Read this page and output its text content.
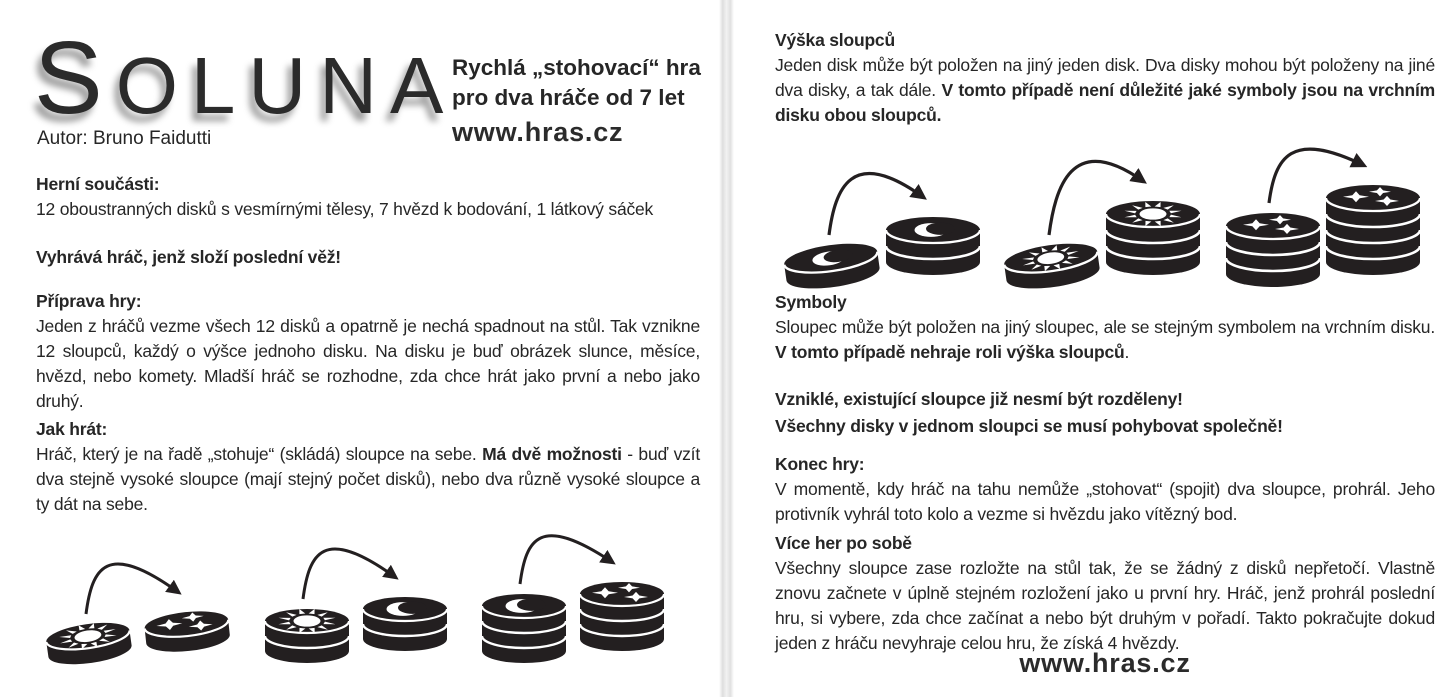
SOLUNA
Autor: Bruno Faidutti
Rychlá „stohovací“ hra
pro dva hráče od 7 let
www.hras.cz

Herní součásti:

12 oboustranných disků s vesmírnými tělesy, 7 hvězd k bodování, 1 látkový sáček

Vyhrává hráč, jenž složí poslední věž!

Příprava hry:

Jeden z hráčů vezme všech 12 disků a opatrně je nechá spadnout na stůl. Tak vznikne 12 sloupců, každý o výšce jednoho disku. Na disku je buď obrázek slunce, měsíce, hvězd, nebo komety. Mladší hráč se rozhodne, zda chce hrát jako první a nebo jako druhý.

Jak hrát:

Hráč, který je na řadě „stohuje“ (skládá) sloupce na sebe. Má dvě možnosti - buď vzít dva stejně vysoké sloupce (mají stejný počet disků), nebo dva různě vysoké sloupce a ty dát na sebe.

Výška sloupců

Jeden disk může být položen na jiný jeden disk. Dva disky mohou být položeny na jiné dva disky, a tak dále. V tomto případě není důležité jaké symboly jsou na vrchním disku obou sloupců.

Symboly

Sloupec může být položen na jiný sloupec, ale se stejným symbolem na vrchním disku. V tomto případě nehraje roli výška sloupců.

Vzniklé, existující sloupce již nesmí být rozděleny!

Všechny disky v jednom sloupci se musí pohybovat společně!

Konec hry:

V momentě, kdy hráč na tahu nemůže „stohovat“ (spojit) dva sloupce, prohrál. Jeho protivník vyhrál toto kolo a vezme si hvězdu jako vítězný bod.

Více her po sobě

Všechny sloupce zase rozložte na stůl tak, že se žádný z disků nepřetočí. Vlastně znovu začnete v úplně stejném rozložení jako u první hry. Hráč, jenž prohrál poslední hru, si vybere, zda chce začínat a nebo být druhým v pořadí. Takto pokračujte dokud jeden z hráču nevyhraje celou hru, že získá 4 hvězdy.

www.hras.cz
